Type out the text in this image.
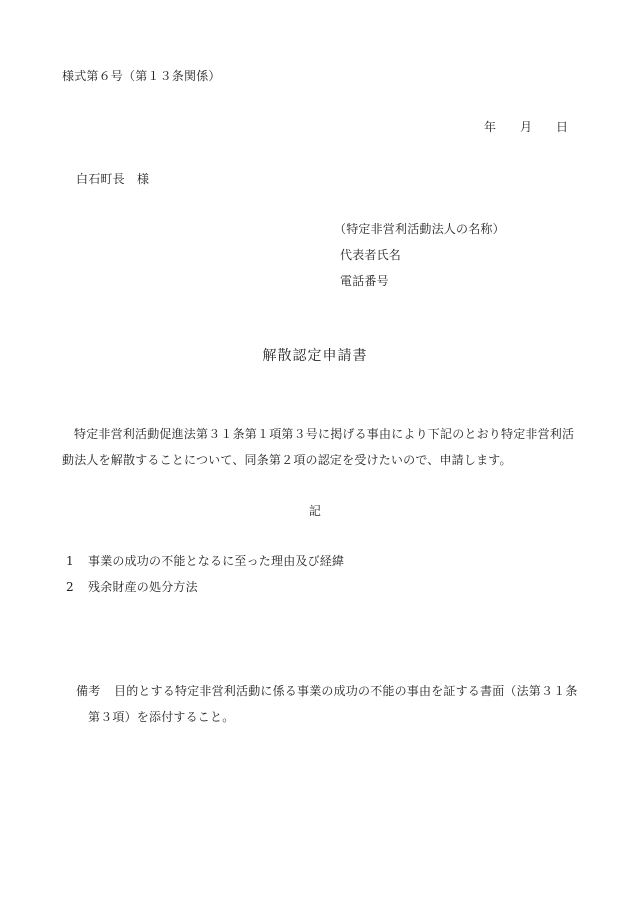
様式第６号（第１３条関係）
年 月 日
白石町長　様
（特定非営利活動法人の名称）
代表者氏名
電話番号
解散認定申請書
特定非営利活動促進法第３１条第１項第３号に掲げる事由により下記のとおり特定非営利活
動法人を解散することについて、同条第２項の認定を受けたいので、申請します。
記
1 事業の成功の不能となるに至った理由及び経緯
2 残余財産の処分方法
備考 目的とする特定非営利活動に係る事業の成功の不能の事由を証する書面（法第３１条
第３項）を添付すること。
